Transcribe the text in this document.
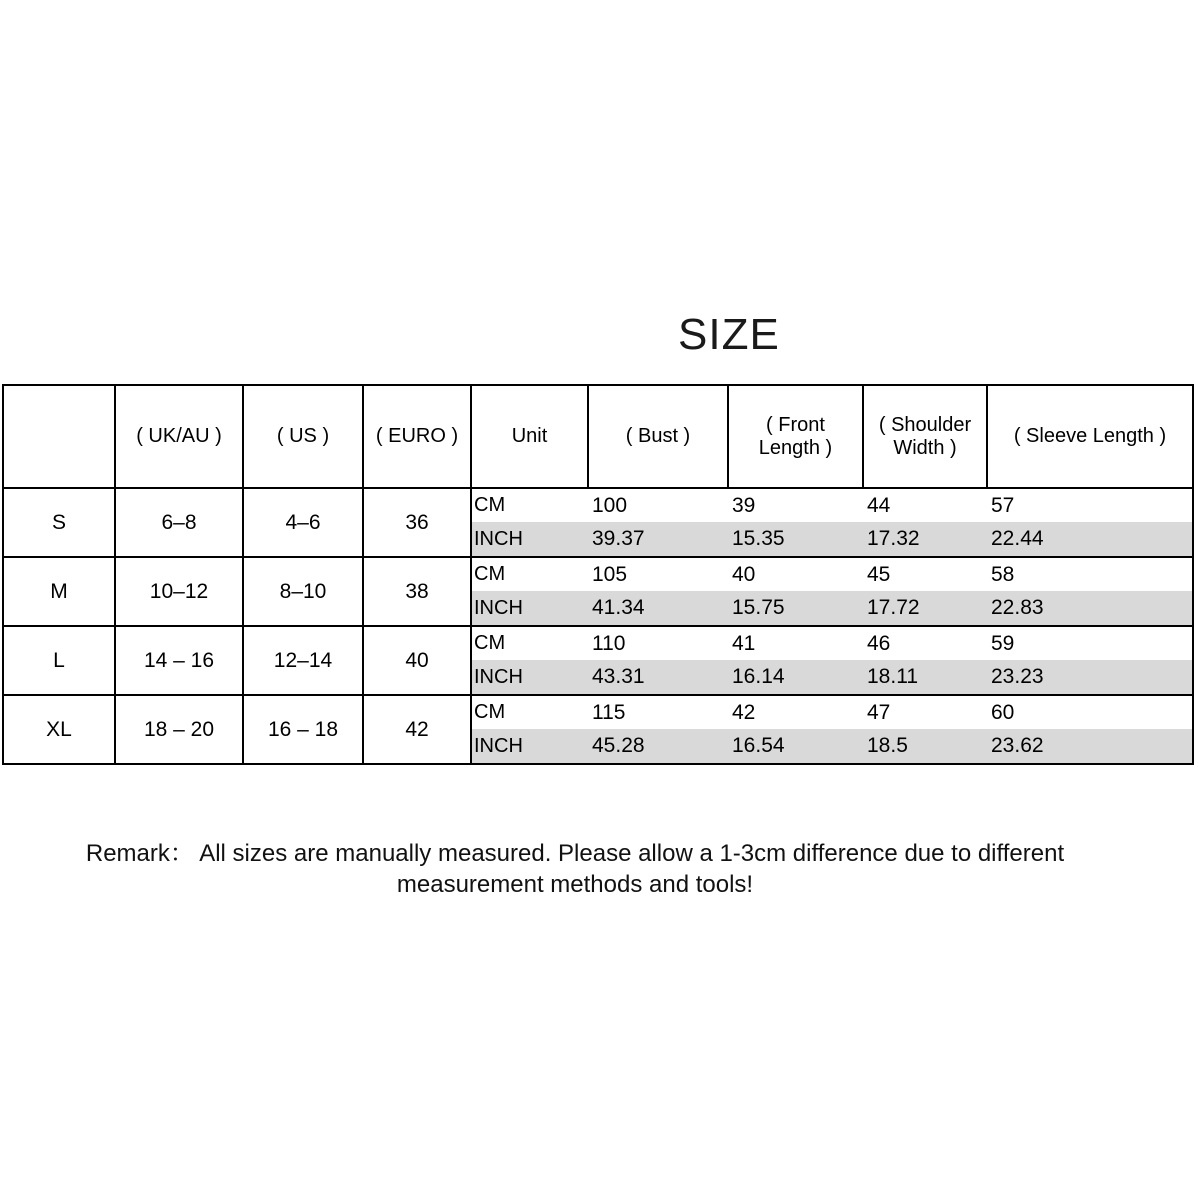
SIZE
	( UK/AU )	( US )	( EURO )	Unit	( Bust )	( Front Length )	( Shoulder Width )	( Sleeve Length )
S	6–8	4–6	36	CM	100	39	44	57
				INCH	39.37	15.35	17.32	22.44
M	10–12	8–10	38	CM	105	40	45	58
				INCH	41.34	15.75	17.72	22.83
L	14 – 16	12–14	40	CM	110	41	46	59
				INCH	43.31	16.14	18.11	23.23
XL	18 – 20	16 – 18	42	CM	115	42	47	60
				INCH	45.28	16.54	18.5	23.62

Remark： All sizes are manually measured. Please allow a 1-3cm difference due to different measurement methods and tools!
